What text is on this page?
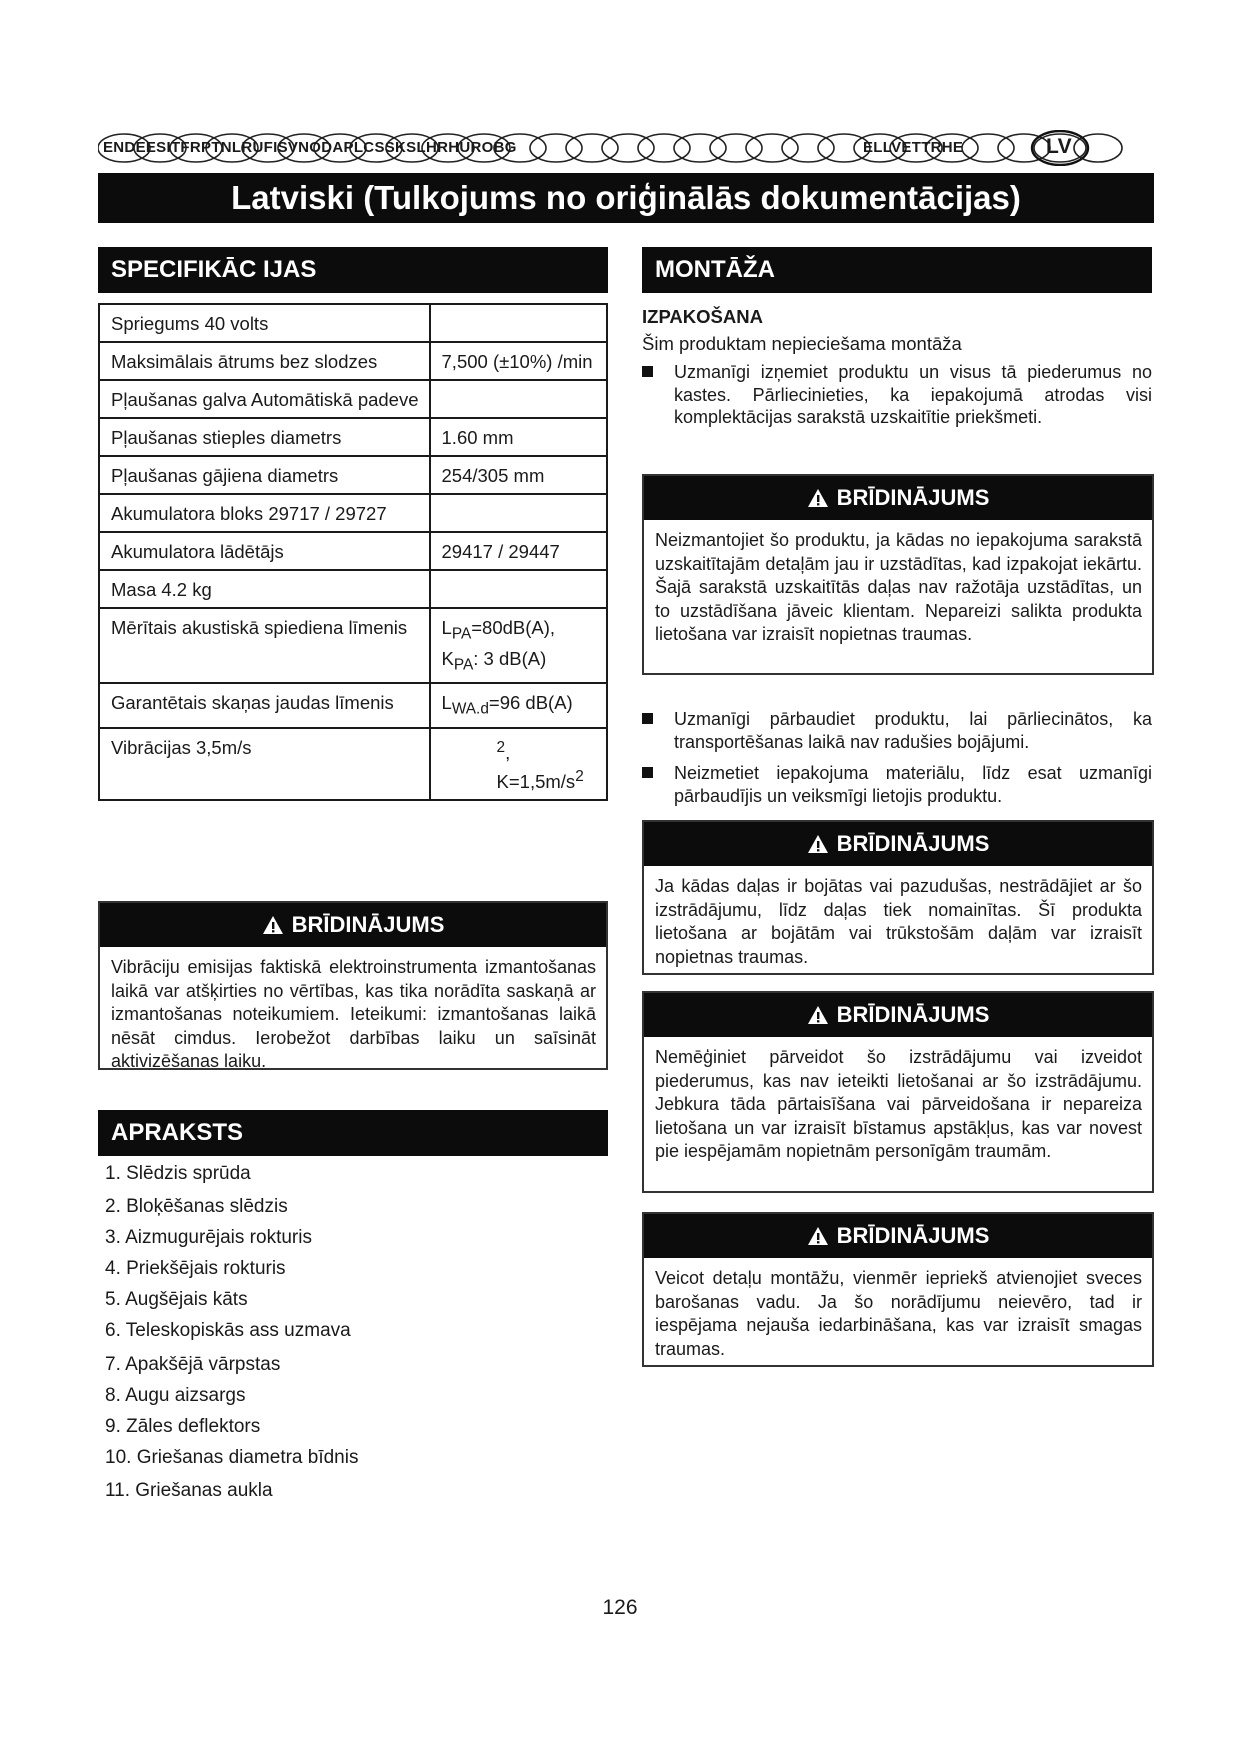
ENDEESITFRPTNLRUFISVNODAPLCSSKSLHRHUROBG	ELLVETTRHE	LV
Latviski (Tulkojums no oriģinālās dokumentācijas)
SPECIFIKĀC IJAS
Spriegums 40 volts	
Maksimālais ātrums bez slodzes	7,500 (±10%) /min
Pļaušanas galva Automātiskā padeve	
Pļaušanas stieples diametrs	1.60 mm
Pļaušanas gājiena diametrs	254/305 mm
Akumulatora bloks 29717 / 29727	
Akumulatora lādētājs	29417 / 29447
Masa 4.2 kg	
Mērītais akustiskā spiediena līmenis	$L_{PA}=80dB(A)$, $K_{PA}$: 3 dB(A)
Garantētais skaņas jaudas līmenis	$L_{WA.d}=96$ dB(A)
Vibrācijas 3,5m/s	$^2$, $K=1,5m/s^2$
BRĪDINĀJUMS
Vibrāciju emisijas faktiskā elektroinstrumenta izmantošanas laikā var atšķirties no vērtības, kas tika norādīta saskaņā ar izmantošanas noteikumiem. Ieteikumi: izmantošanas laikā nēsāt cimdus. Ierobežot darbības laiku un saīsināt aktivizēšanas laiku.
APRAKSTS
1. Slēdzis sprūda
2. Bloķēšanas slēdzis
3. Aizmugurējais rokturis
4. Priekšējais rokturis
5. Augšējais kāts
6. Teleskopiskās ass uzmava
7. Apakšējā vārpstas
8. Augu aizsargs
9. Zāles deflektors
10. Griešanas diametra bīdnis
11. Griešanas aukla
MONTĀŽA
IZPAKOŠANA
Šim produktam nepieciešama montāža
Uzmanīgi izņemiet produktu un visus tā piederumus no kastes. Pārliecinieties, ka iepakojumā atrodas visi komplektācijas sarakstā uzskaitītie priekšmeti.
BRĪDINĀJUMS
Neizmantojiet šo produktu, ja kādas no iepakojuma sarakstā uzskaitītajām detaļām jau ir uzstādītas, kad izpakojat iekārtu. Šajā sarakstā uzskaitītās daļas nav ražotāja uzstādītas, un to uzstādīšana jāveic klientam. Nepareizi salikta produkta lietošana var izraisīt nopietnas traumas.
Uzmanīgi pārbaudiet produktu, lai pārliecinātos, ka transportēšanas laikā nav radušies bojājumi.
Neizmetiet iepakojuma materiālu, līdz esat uzmanīgi pārbaudījis un veiksmīgi lietojis produktu.
BRĪDINĀJUMS
Ja kādas daļas ir bojātas vai pazudušas, nestrādājiet ar šo izstrādājumu, līdz daļas tiek nomainītas. Šī produkta lietošana ar bojātām vai trūkstošām daļām var izraisīt nopietnas traumas.
BRĪDINĀJUMS
Nemēģiniet pārveidot šo izstrādājumu vai izveidot piederumus, kas nav ieteikti lietošanai ar šo izstrādājumu. Jebkura tāda pārtaisīšana vai pārveidošana ir nepareiza lietošana un var izraisīt bīstamus apstākļus, kas var novest pie iespējamām nopietnām personīgām traumām.
BRĪDINĀJUMS
Veicot detaļu montāžu, vienmēr iepriekš atvienojiet sveces barošanas vadu. Ja šo norādījumu neievēro, tad ir iespējama nejauša iedarbināšana, kas var izraisīt smagas traumas.
126
